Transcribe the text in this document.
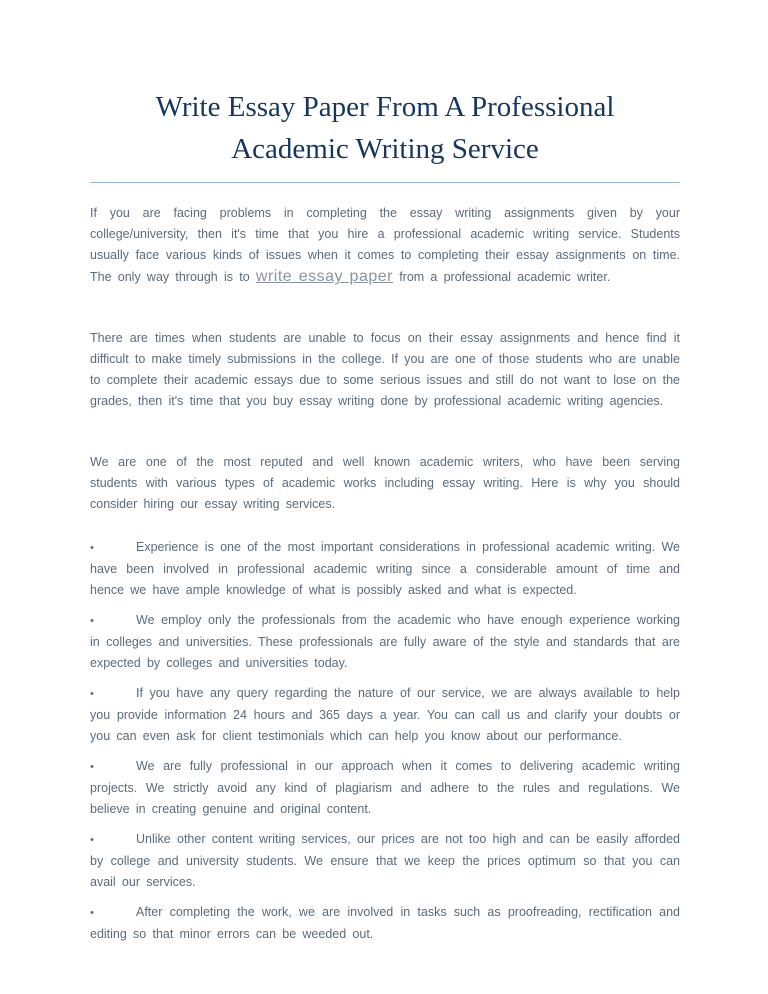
Write Essay Paper From A Professional
Academic Writing Service

If you are facing problems in completing the essay writing assignments given by your college/university, then it's time that you hire a professional academic writing service. Students usually face various kinds of issues when it comes to completing their essay assignments on time. The only way through is to write essay paper from a professional academic writer.

There are times when students are unable to focus on their essay assignments and hence find it difficult to make timely submissions in the college. If you are one of those students who are unable to complete their academic essays due to some serious issues and still do not want to lose on the grades, then it's time that you buy essay writing done by professional academic writing agencies.

We are one of the most reputed and well known academic writers, who have been serving students with various types of academic works including essay writing. Here is why you should consider hiring our essay writing services.

•	Experience is one of the most important considerations in professional academic writing. We have been involved in professional academic writing since a considerable amount of time and hence we have ample knowledge of what is possibly asked and what is expected.

•	We employ only the professionals from the academic who have enough experience working in colleges and universities. These professionals are fully aware of the style and standards that are expected by colleges and universities today.

•	If you have any query regarding the nature of our service, we are always available to help you provide information 24 hours and 365 days a year. You can call us and clarify your doubts or you can even ask for client testimonials which can help you know about our performance.

•	We are fully professional in our approach when it comes to delivering academic writing projects. We strictly avoid any kind of plagiarism and adhere to the rules and regulations. We believe in creating genuine and original content.

•	Unlike other content writing services, our prices are not too high and can be easily afforded by college and university students. We ensure that we keep the prices optimum so that you can avail our services.

•	After completing the work, we are involved in tasks such as proofreading, rectification and editing so that minor errors can be weeded out.
